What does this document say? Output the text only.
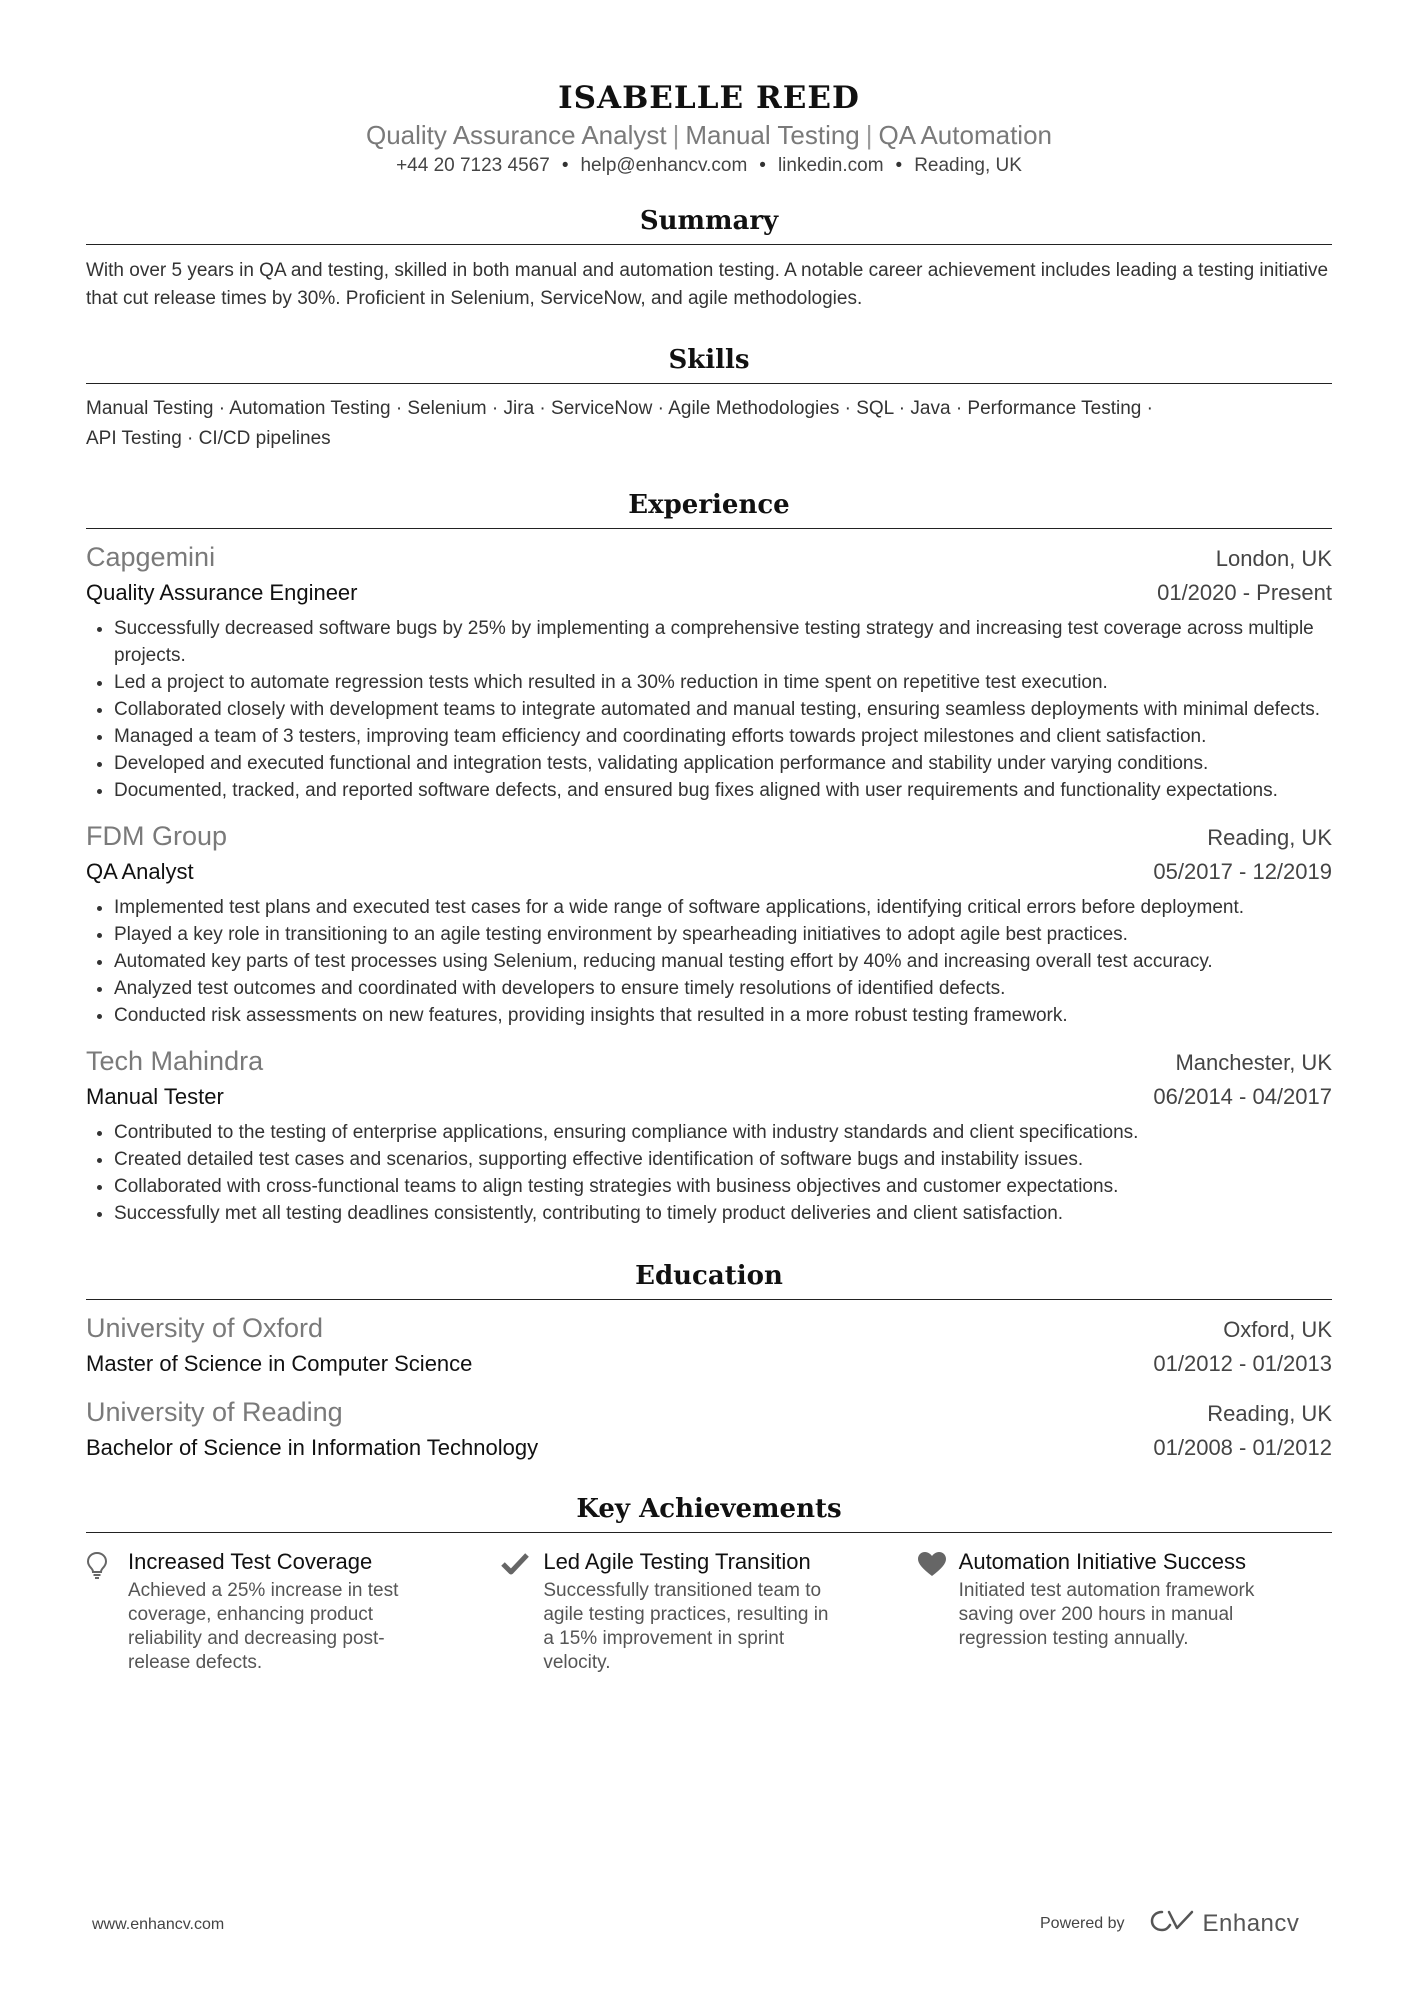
ISABELLE REED
Quality Assurance Analyst | Manual Testing | QA Automation
+44 20 7123 4567 • help@enhancv.com • linkedin.com • Reading, UK
Summary
With over 5 years in QA and testing, skilled in both manual and automation testing. A notable career achievement includes leading a testing initiative that cut release times by 30%. Proficient in Selenium, ServiceNow, and agile methodologies.
Skills
Manual Testing · Automation Testing · Selenium · Jira · ServiceNow · Agile Methodologies · SQL · Java · Performance Testing ·
API Testing · CI/CD pipelines
Experience
Capgemini	London, UK
Quality Assurance Engineer	01/2020 - Present
• Successfully decreased software bugs by 25% by implementing a comprehensive testing strategy and increasing test coverage across multiple projects.
• Led a project to automate regression tests which resulted in a 30% reduction in time spent on repetitive test execution.
• Collaborated closely with development teams to integrate automated and manual testing, ensuring seamless deployments with minimal defects.
• Managed a team of 3 testers, improving team efficiency and coordinating efforts towards project milestones and client satisfaction.
• Developed and executed functional and integration tests, validating application performance and stability under varying conditions.
• Documented, tracked, and reported software defects, and ensured bug fixes aligned with user requirements and functionality expectations.
FDM Group	Reading, UK
QA Analyst	05/2017 - 12/2019
• Implemented test plans and executed test cases for a wide range of software applications, identifying critical errors before deployment.
• Played a key role in transitioning to an agile testing environment by spearheading initiatives to adopt agile best practices.
• Automated key parts of test processes using Selenium, reducing manual testing effort by 40% and increasing overall test accuracy.
• Analyzed test outcomes and coordinated with developers to ensure timely resolutions of identified defects.
• Conducted risk assessments on new features, providing insights that resulted in a more robust testing framework.
Tech Mahindra	Manchester, UK
Manual Tester	06/2014 - 04/2017
• Contributed to the testing of enterprise applications, ensuring compliance with industry standards and client specifications.
• Created detailed test cases and scenarios, supporting effective identification of software bugs and instability issues.
• Collaborated with cross-functional teams to align testing strategies with business objectives and customer expectations.
• Successfully met all testing deadlines consistently, contributing to timely product deliveries and client satisfaction.
Education
University of Oxford	Oxford, UK
Master of Science in Computer Science	01/2012 - 01/2013
University of Reading	Reading, UK
Bachelor of Science in Information Technology	01/2008 - 01/2012
Key Achievements
Increased Test Coverage
Achieved a 25% increase in test coverage, enhancing product reliability and decreasing post-release defects.
Led Agile Testing Transition
Successfully transitioned team to agile testing practices, resulting in a 15% improvement in sprint velocity.
Automation Initiative Success
Initiated test automation framework saving over 200 hours in manual regression testing annually.
www.enhancv.com	Powered by	Enhancv
